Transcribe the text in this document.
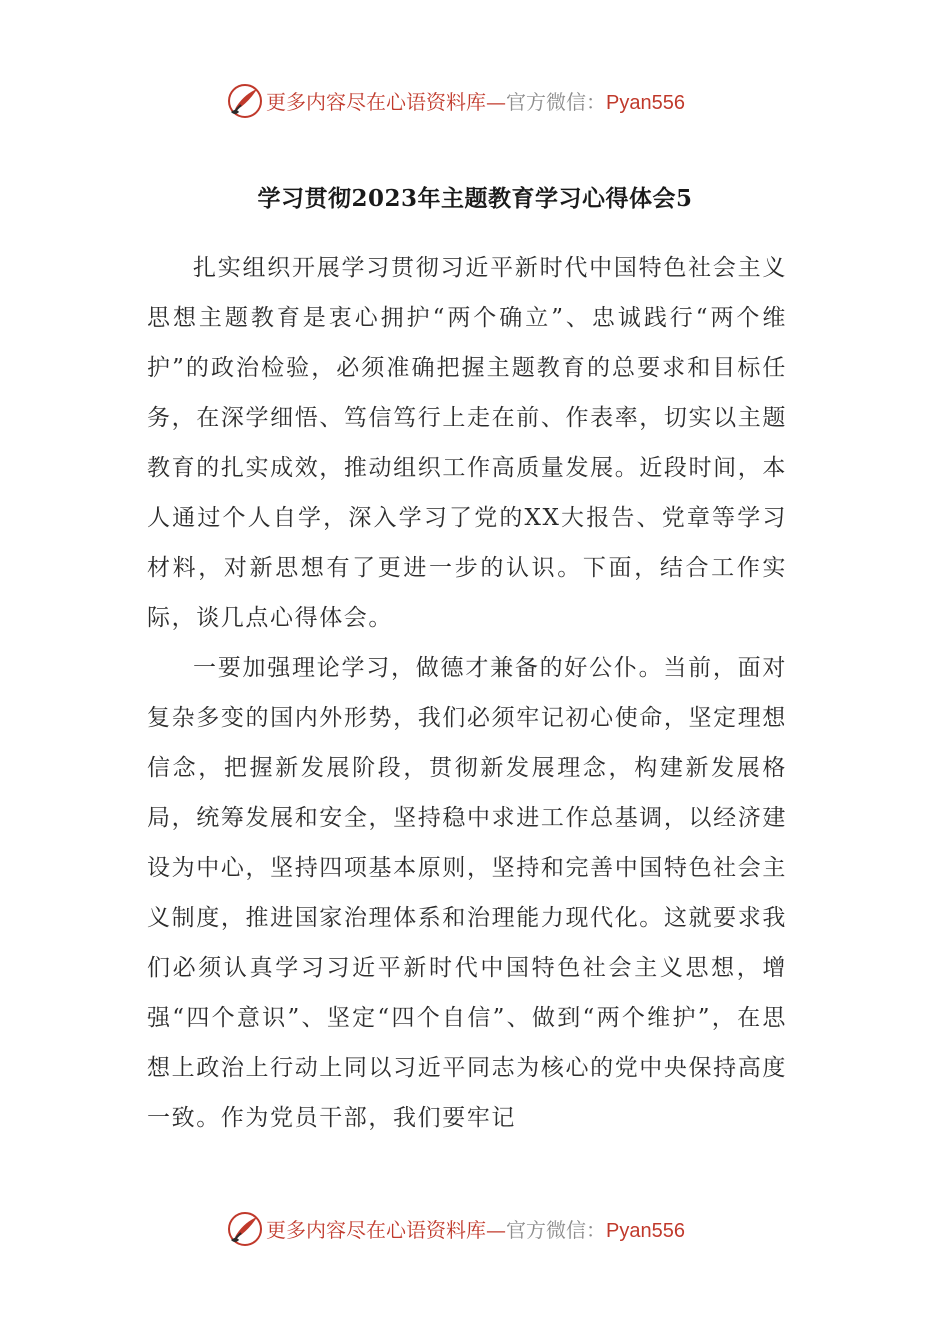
更多内容尽在心语资料库—官方微信：Pyan556
学习贯彻2023年主题教育学习心得体会5

扎实组织开展学习贯彻习近平新时代中国特色社会主义思想主题教育是衷心拥护“两个确立”、忠诚践行“两个维护”的政治检验，必须准确把握主题教育的总要求和目标任务，在深学细悟、笃信笃行上走在前、作表率，切实以主题教育的扎实成效，推动组织工作高质量发展。近段时间，本人通过个人自学，深入学习了党的XX大报告、党章等学习材料，对新思想有了更进一步的认识。下面，结合工作实际，谈几点心得体会。

一要加强理论学习，做德才兼备的好公仆。当前，面对复杂多变的国内外形势，我们必须牢记初心使命，坚定理想信念，把握新发展阶段，贯彻新发展理念，构建新发展格局，统筹发展和安全，坚持稳中求进工作总基调，以经济建设为中心，坚持四项基本原则，坚持和完善中国特色社会主义制度，推进国家治理体系和治理能力现代化。这就要求我们必须认真学习习近平新时代中国特色社会主义思想，增强“四个意识”、坚定“四个自信”、做到“两个维护”，在思想上政治上行动上同以习近平同志为核心的党中央保持高度一致。作为党员干部，我们要牢记

更多内容尽在心语资料库—官方微信：Pyan556
